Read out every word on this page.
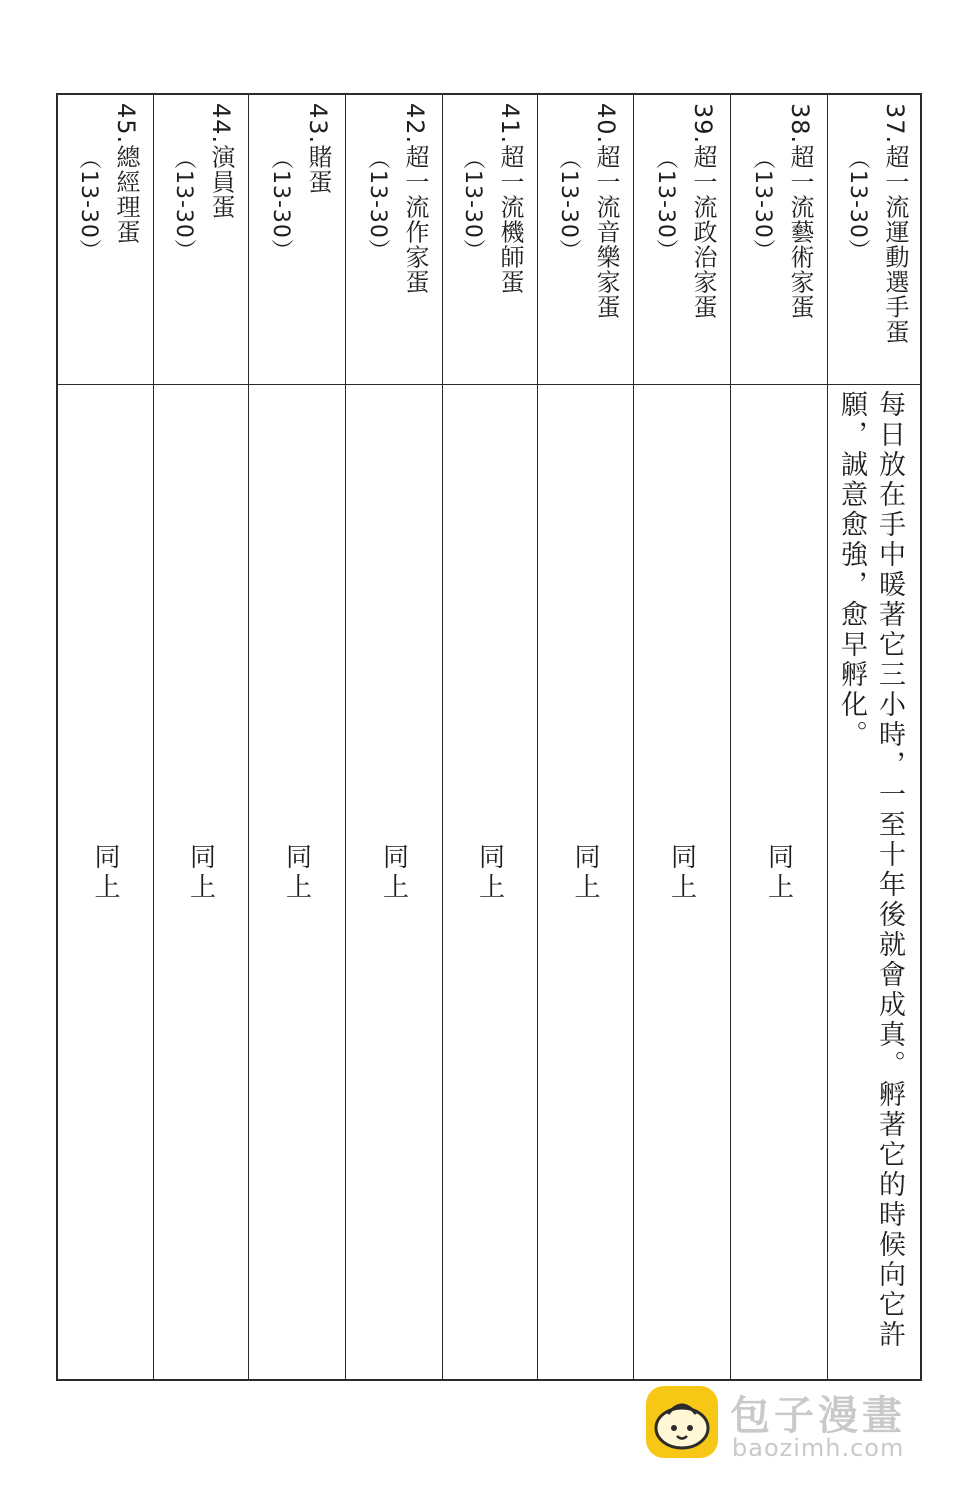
37.超一流運動選手蛋
（13-30）
每日放在手中暖著它三小時，一至十年後就會成真。孵著它的時候向它許願，誠意愈強，愈早孵化。
38.超一流藝術家蛋
（13-30）
同上
39.超一流政治家蛋
（13-30）
同上
40.超一流音樂家蛋
（13-30）
同上
41.超一流機師蛋
（13-30）
同上
42.超一流作家蛋
（13-30）
同上
43.賭蛋
（13-30）
同上
44.演員蛋
（13-30）
同上
45.總經理蛋
（13-30）
同上
包子漫畫
baozimh.com
